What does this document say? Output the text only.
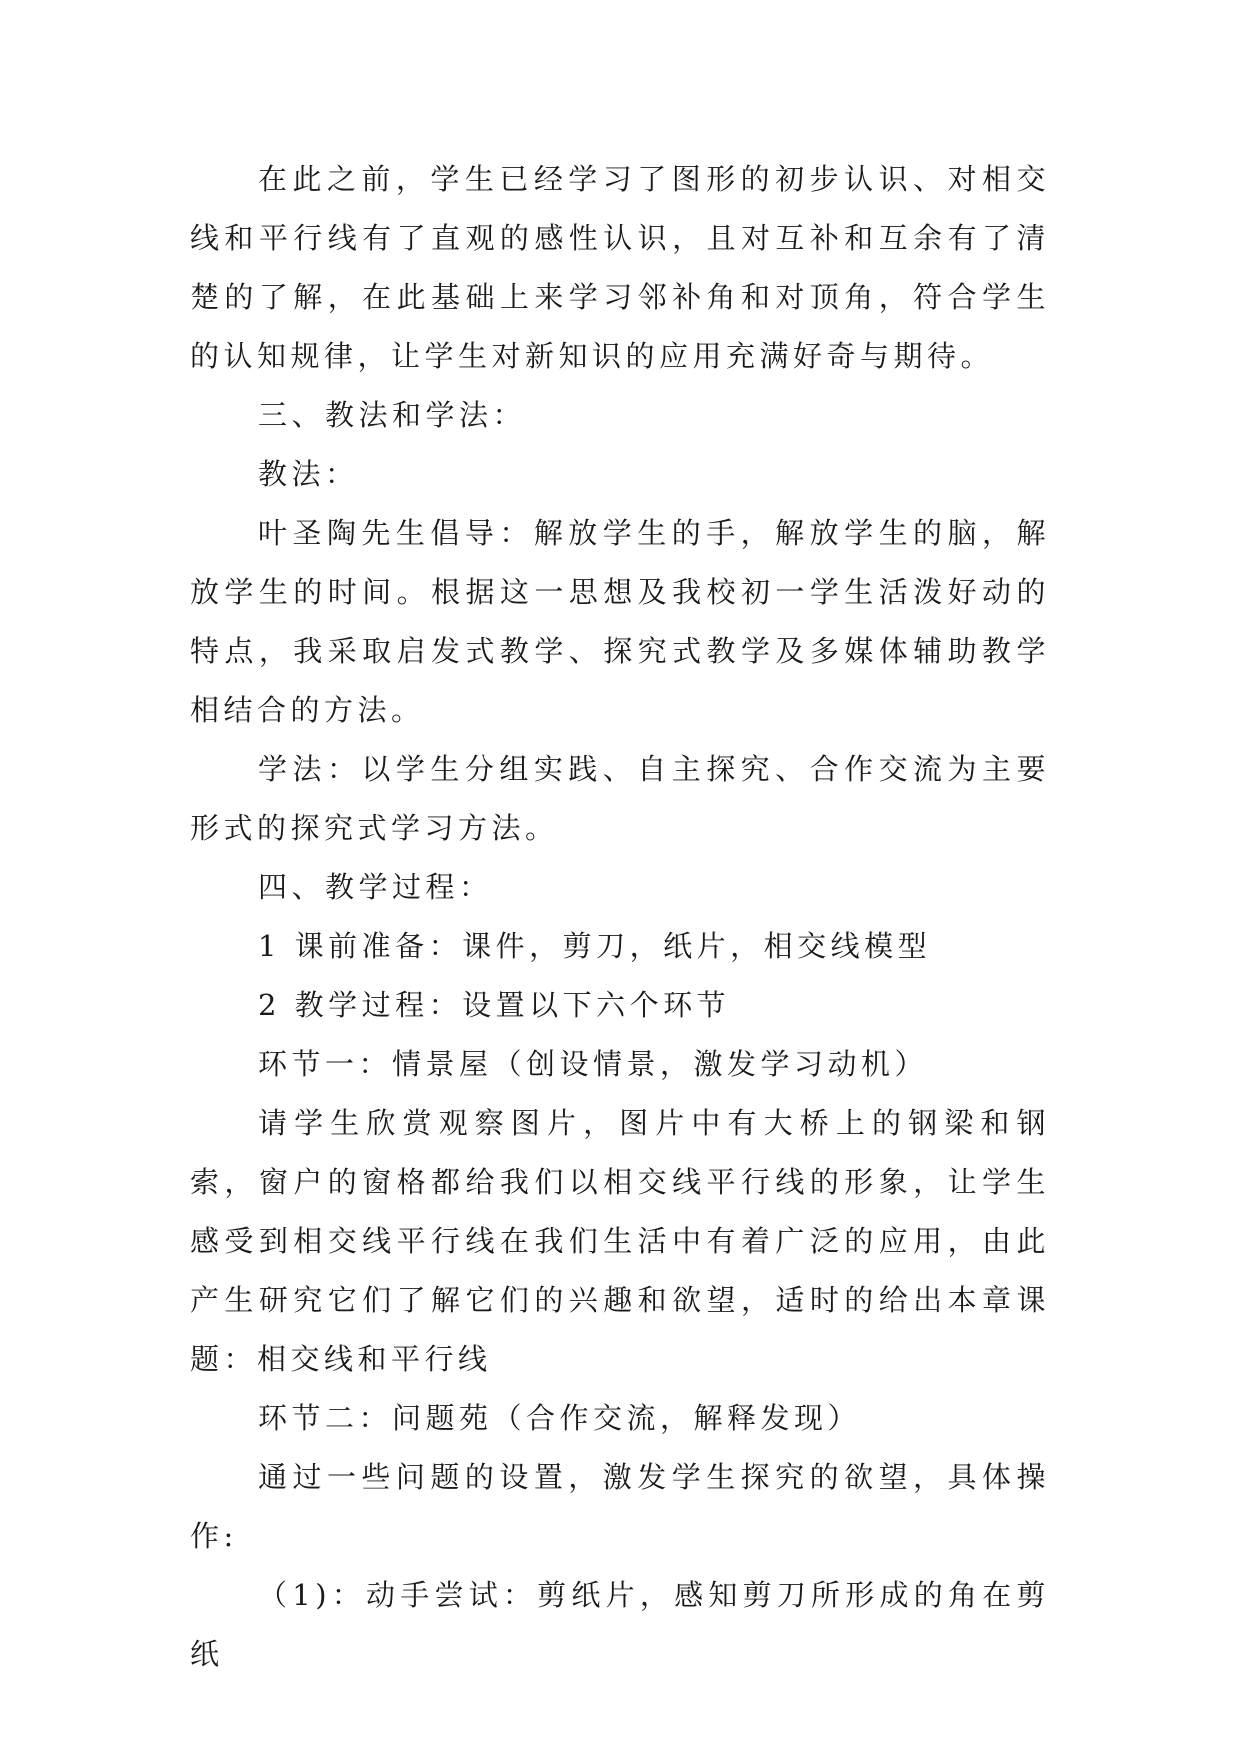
在此之前，学生已经学习了图形的初步认识、对相交线和平行线有了直观的感性认识，且对互补和互余有了清楚的了解，在此基础上来学习邻补角和对顶角，符合学生的认知规律，让学生对新知识的应用充满好奇与期待。

三、教法和学法：

教法：

叶圣陶先生倡导：解放学生的手，解放学生的脑，解放学生的时间。根据这一思想及我校初一学生活泼好动的特点，我采取启发式教学、探究式教学及多媒体辅助教学相结合的方法。

学法：以学生分组实践、自主探究、合作交流为主要形式的探究式学习方法。

四、教学过程：

1 课前准备：课件，剪刀，纸片，相交线模型

2 教学过程：设置以下六个环节

环节一：情景屋（创设情景，激发学习动机）

请学生欣赏观察图片，图片中有大桥上的钢梁和钢索，窗户的窗格都给我们以相交线平行线的形象，让学生感受到相交线平行线在我们生活中有着广泛的应用，由此产生研究它们了解它们的兴趣和欲望，适时的给出本章课题：相交线和平行线

环节二：问题苑（合作交流，解释发现）

通过一些问题的设置，激发学生探究的欲望，具体操作:

（1)：动手尝试：剪纸片，感知剪刀所形成的角在剪纸
